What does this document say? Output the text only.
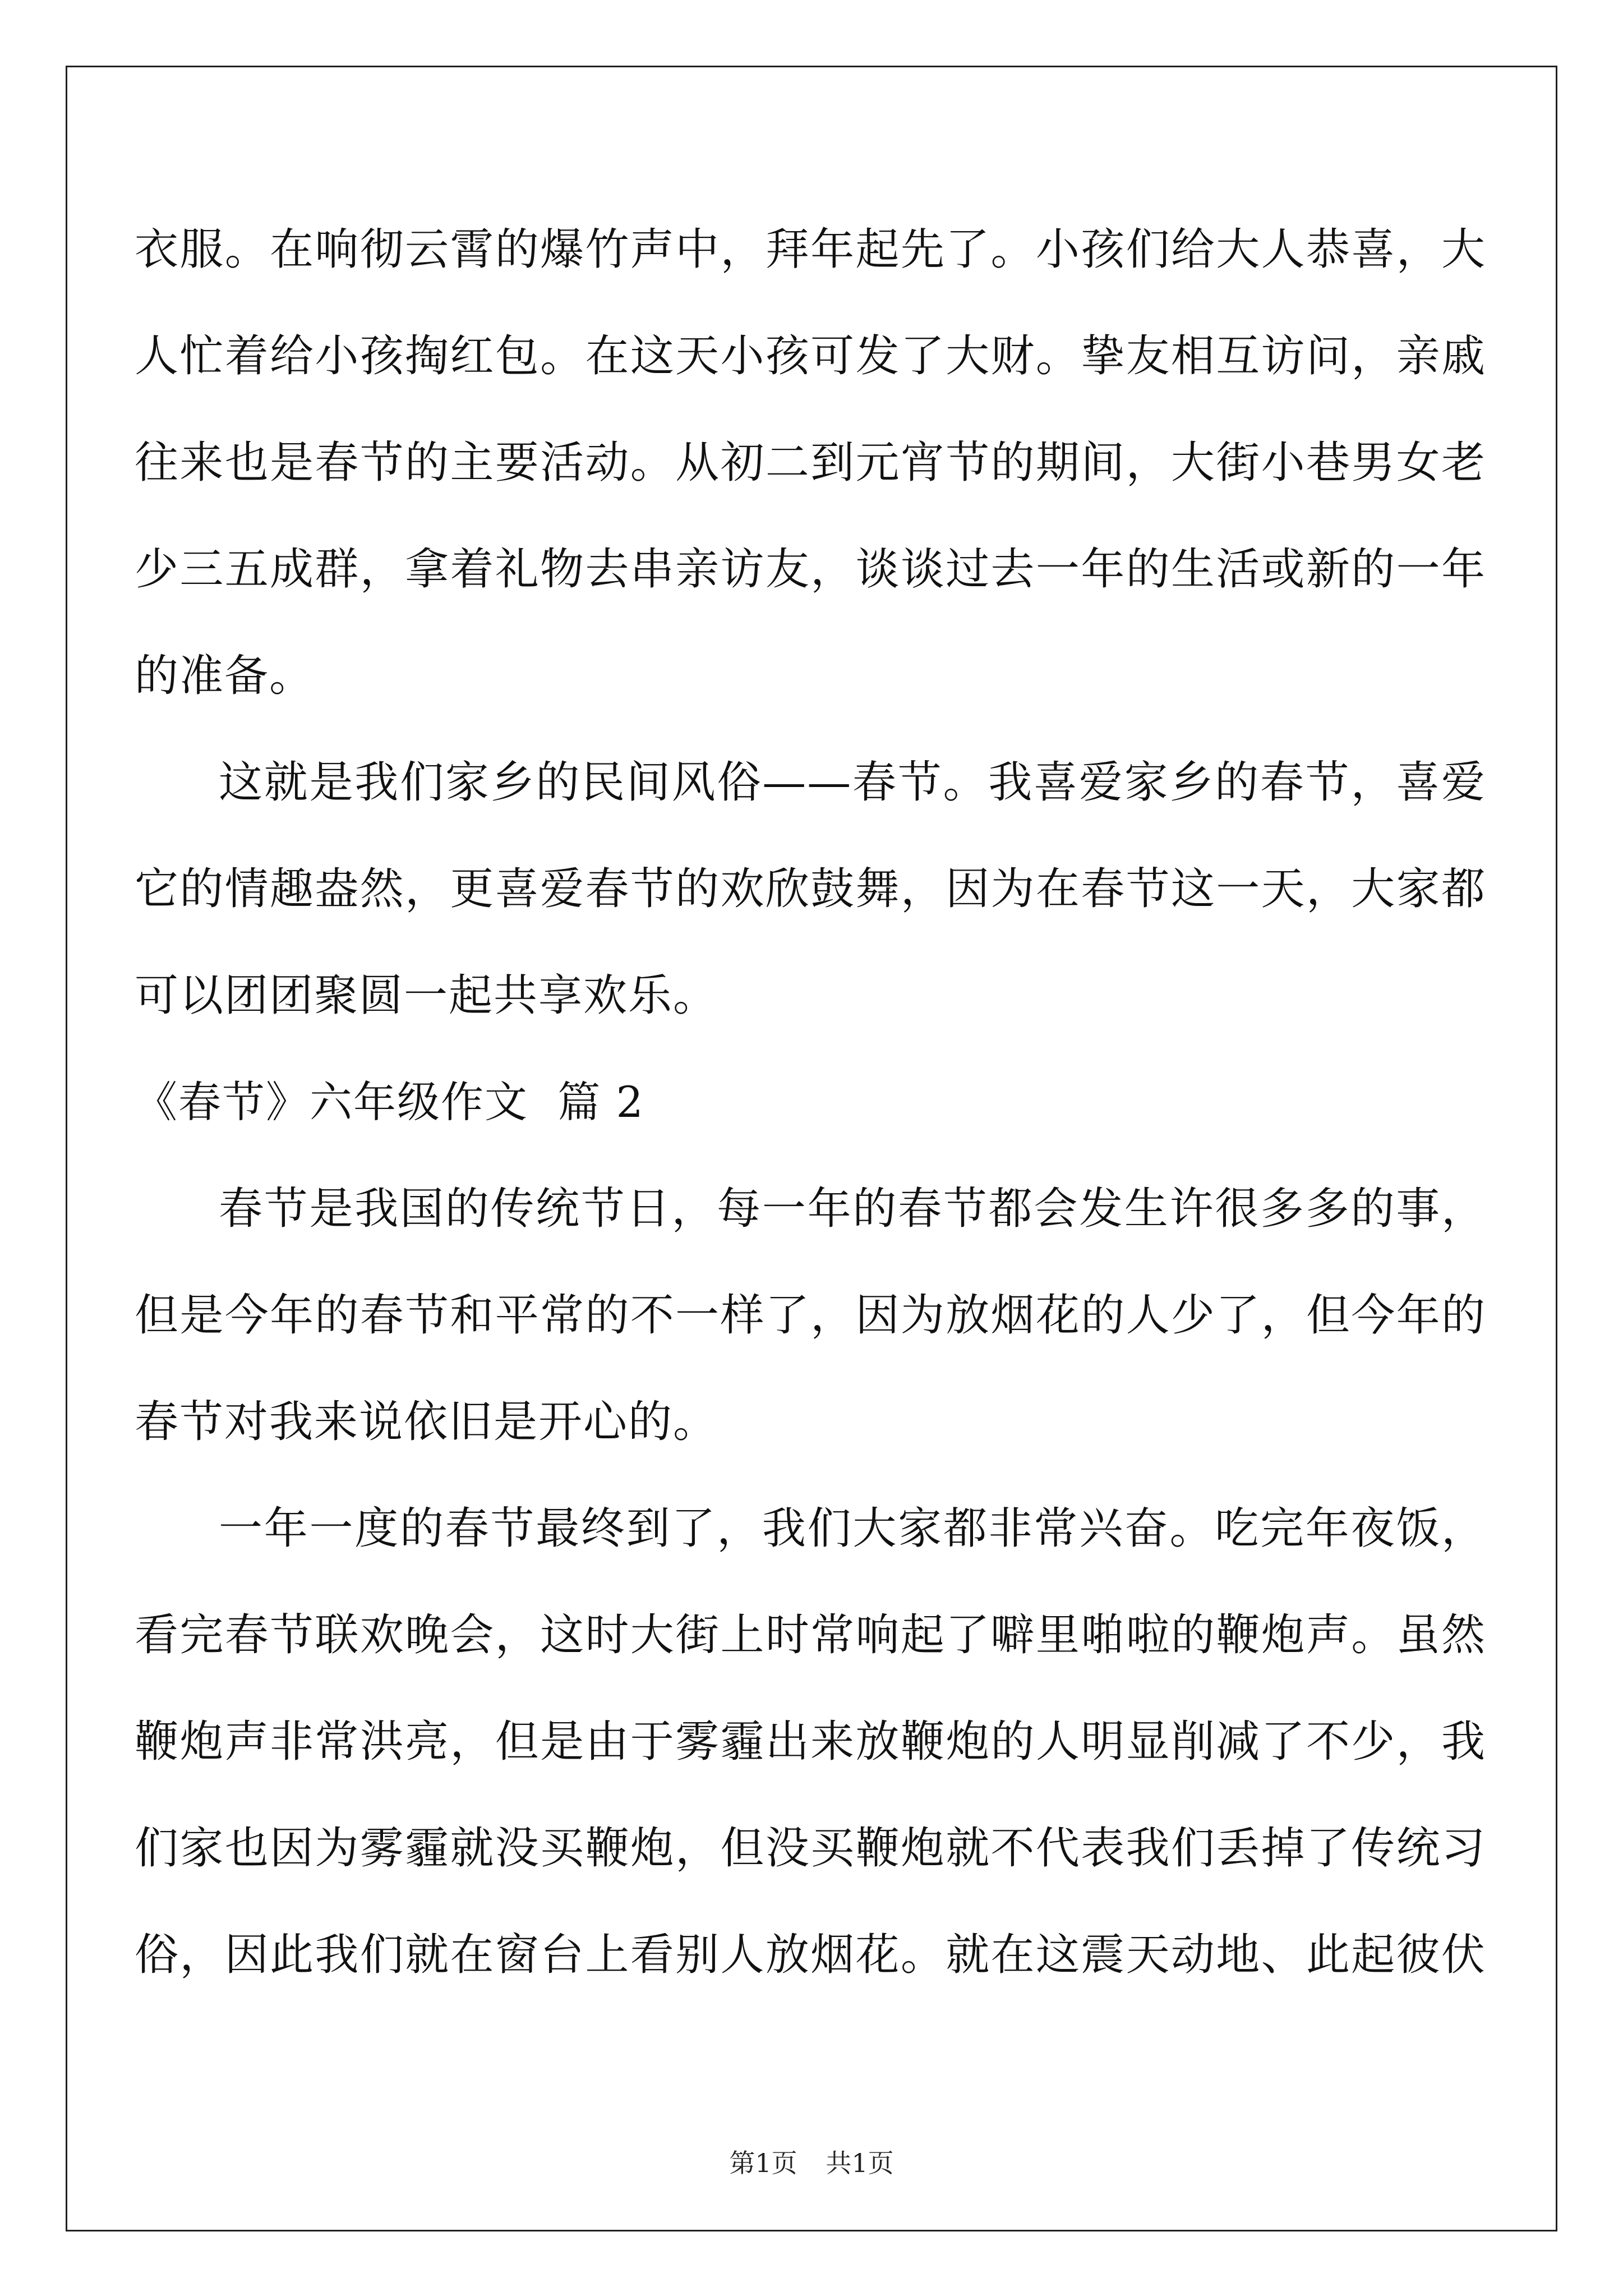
衣服。在响彻云霄的爆竹声中，拜年起先了。小孩们给大人恭喜，大
人忙着给小孩掏红包。在这天小孩可发了大财。挚友相互访问，亲戚
往来也是春节的主要活动。从初二到元宵节的期间，大街小巷男女老
少三五成群，拿着礼物去串亲访友，谈谈过去一年的生活或新的一年
的准备。
这就是我们家乡的民间风俗——春节。我喜爱家乡的春节，喜爱
它的情趣盎然，更喜爱春节的欢欣鼓舞，因为在春节这一天，大家都
可以团团聚圆一起共享欢乐。
《春节》六年级作文  篇 2
春节是我国的传统节日，每一年的春节都会发生许很多多的事，
但是今年的春节和平常的不一样了，因为放烟花的人少了，但今年的
春节对我来说依旧是开心的。
一年一度的春节最终到了，我们大家都非常兴奋。吃完年夜饭，
看完春节联欢晚会，这时大街上时常响起了噼里啪啦的鞭炮声。虽然
鞭炮声非常洪亮，但是由于雾霾出来放鞭炮的人明显削减了不少，我
们家也因为雾霾就没买鞭炮，但没买鞭炮就不代表我们丢掉了传统习
俗，因此我们就在窗台上看别人放烟花。就在这震天动地、此起彼伏
第1页 共1页
